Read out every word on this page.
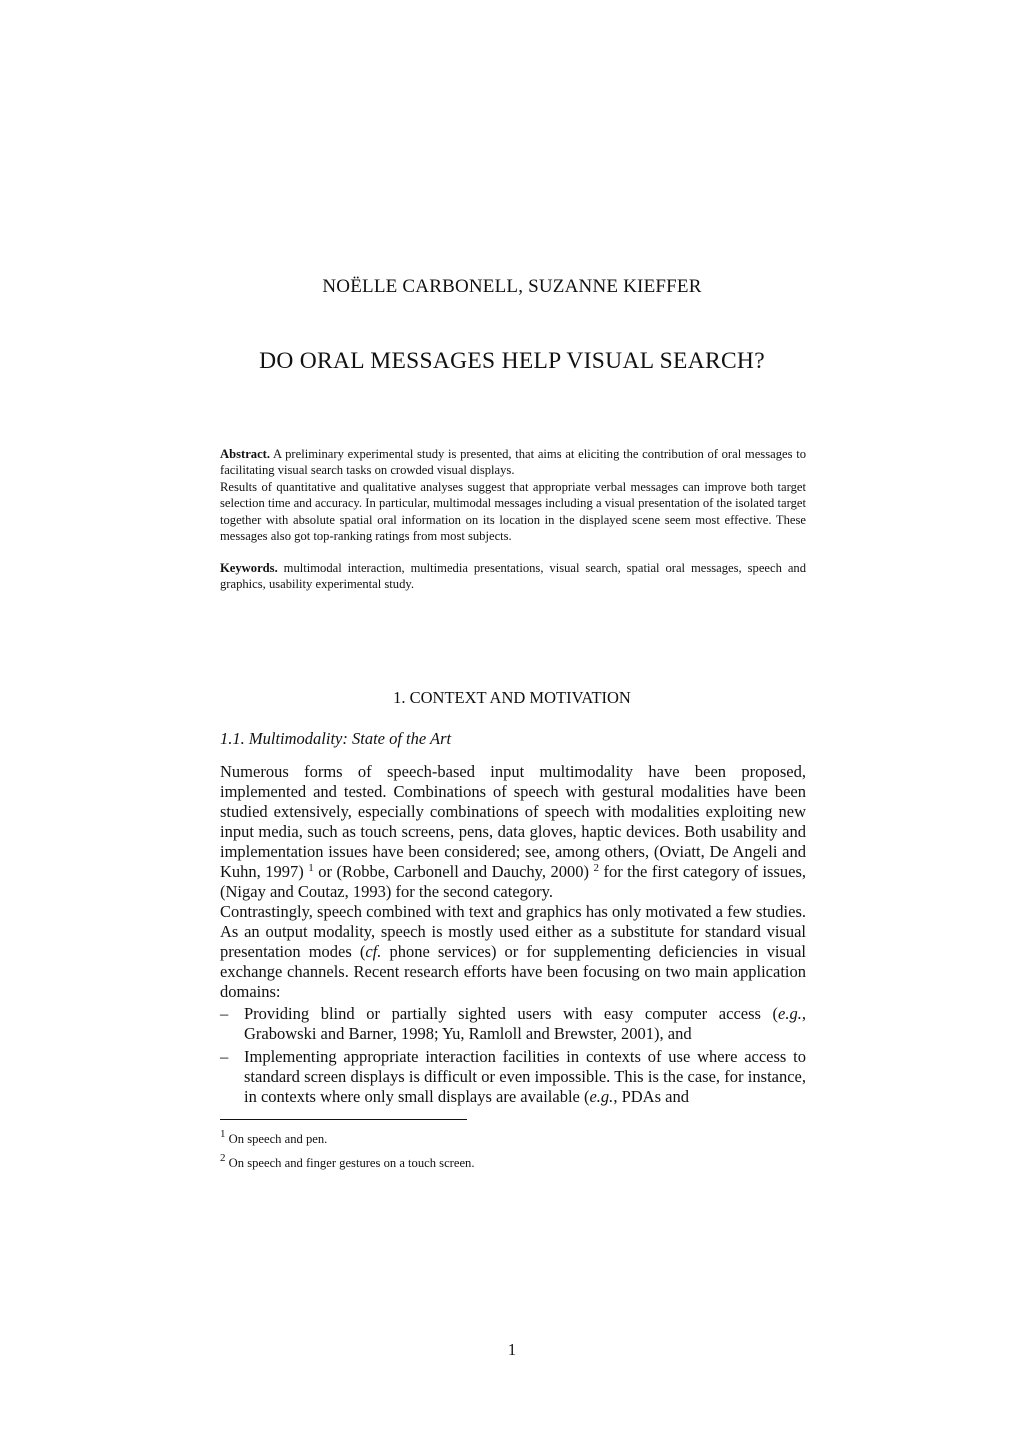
NOËLLE CARBONELL, SUZANNE KIEFFER
DO ORAL MESSAGES HELP VISUAL SEARCH?

Abstract. A preliminary experimental study is presented, that aims at eliciting the contribution of oral messages to facilitating visual search tasks on crowded visual displays.

Results of quantitative and qualitative analyses suggest that appropriate verbal messages can improve both target selection time and accuracy. In particular, multimodal messages including a visual presentation of the isolated target together with absolute spatial oral information on its location in the displayed scene seem most effective. These messages also got top-ranking ratings from most subjects.

Keywords. multimodal interaction, multimedia presentations, visual search, spatial oral messages, speech and graphics, usability experimental study.
1. CONTEXT AND MOTIVATION
1.1. Multimodality: State of the Art

Numerous forms of speech-based input multimodality have been proposed, implemented and tested. Combinations of speech with gestural modalities have been studied extensively, especially combinations of speech with modalities exploiting new input media, such as touch screens, pens, data gloves, haptic devices. Both usability and implementation issues have been considered; see, among others, (Oviatt, De Angeli and Kuhn, 1997) $^1$ or (Robbe, Carbonell and Dauchy, 2000) $^2$ for the first category of issues, (Nigay and Coutaz, 1993) for the second category.

Contrastingly, speech combined with text and graphics has only motivated a few studies. As an output modality, speech is mostly used either as a substitute for standard visual presentation modes (cf. phone services) or for supplementing deficiencies in visual exchange channels. Recent research efforts have been focusing on two main application domains:

– Providing blind or partially sighted users with easy computer access (e.g., Grabowski and Barner, 1998; Yu, Ramloll and Brewster, 2001), and
– Implementing appropriate interaction facilities in contexts of use where access to standard screen displays is difficult or even impossible. This is the case, for instance, in contexts where only small displays are available (e.g., PDAs and
$^1$ On speech and pen.
$^2$ On speech and finger gestures on a touch screen.
1
